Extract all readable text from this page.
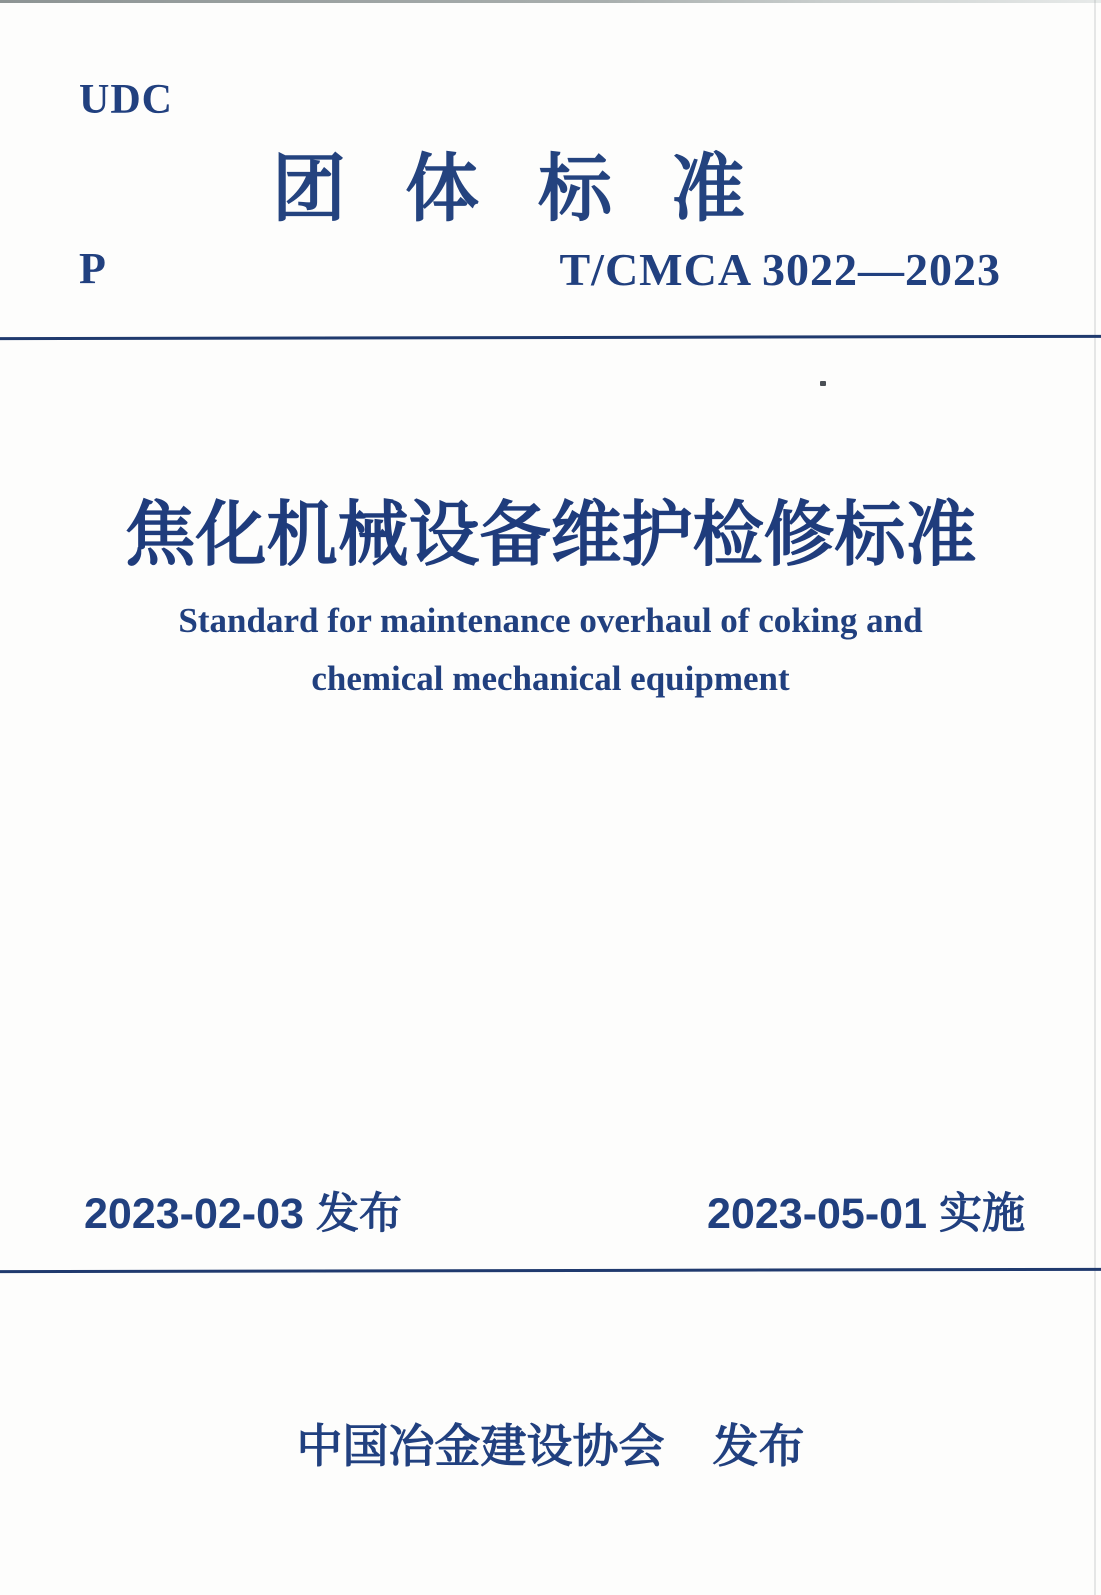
UDC
团体标准
P	T/CMCA 3022—2023
焦化机械设备维护检修标准
Standard for maintenance overhaul of coking and
chemical mechanical equipment
2023-02-03 发布	2023-05-01 实施
中国冶金建设协会 发布
